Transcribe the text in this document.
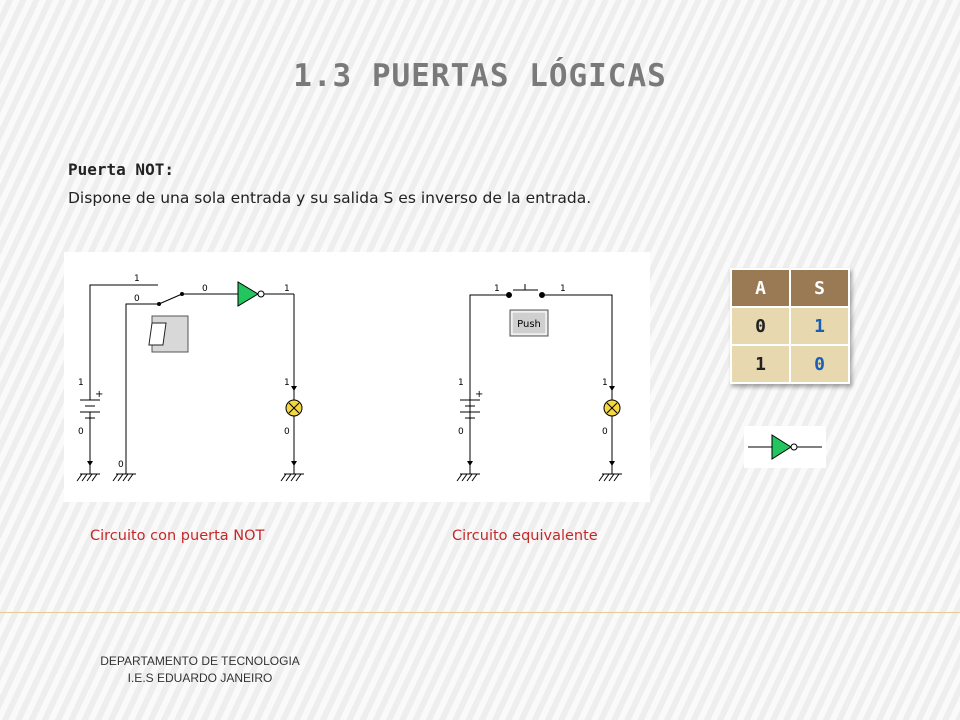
1.3 PUERTAS LÓGICAS
Puerta NOT:
Dispone de una sola entrada y su salida S es inverso de la entrada.
Push
+	+
1
0
0	1
1
0
1
0
0
1	1
1
0
1
0
Circuito con puerta NOT	Circuito equivalente
A	S
0	1
1	0
DEPARTAMENTO DE TECNOLOGIA
I.E.S EDUARDO JANEIRO
